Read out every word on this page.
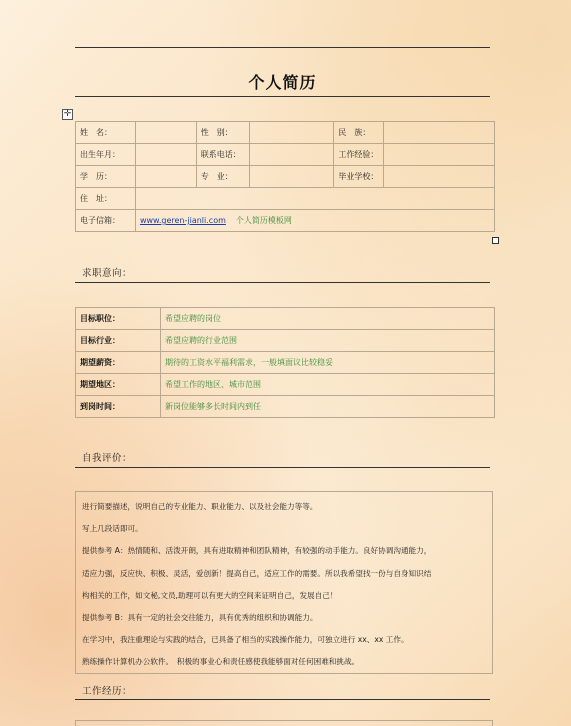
个人简历
✛
姓　名：		性　别：		民　族：	
出生年月：		联系电话：		工作经验：	
学　历：		专　业：		毕业学校：	
住　址：					
电子信箱：	www.geren-jianli.com 个人简历模板网				
求职意向：
目标职位：	希望应聘的岗位
目标行业：	希望应聘的行业范围
期望薪资：	期待的工资水平福利需求，一般填面议比较稳妥
期望地区：	希望工作的地区、城市范围
到岗时间：	新岗位能够多长时间内到任
自我评价：

进行简要描述，说明自己的专业能力、职业能力、以及社会能力等等。

写上几段话即可。

提供参考 A：热情随和、活泼开朗，具有进取精神和团队精神，有较强的动手能力。良好协调沟通能力，

适应力强，反应快、积极、灵活，爱创新！提高自己，适应工作的需要。所以我希望找一份与自身知识结

构相关的工作，如文秘,文员,助理可以有更大的空间来证明自己，发展自己！

提供参考 B：具有一定的社会交往能力，具有优秀的组织和协调能力。

在学习中，我注重理论与实践的结合，已具备了相当的实践操作能力，可独立进行 xx、xx 工作。

熟练操作计算机办公软件。　积极的事业心和责任感使我能够面对任何困难和挑战。

工作经历：
